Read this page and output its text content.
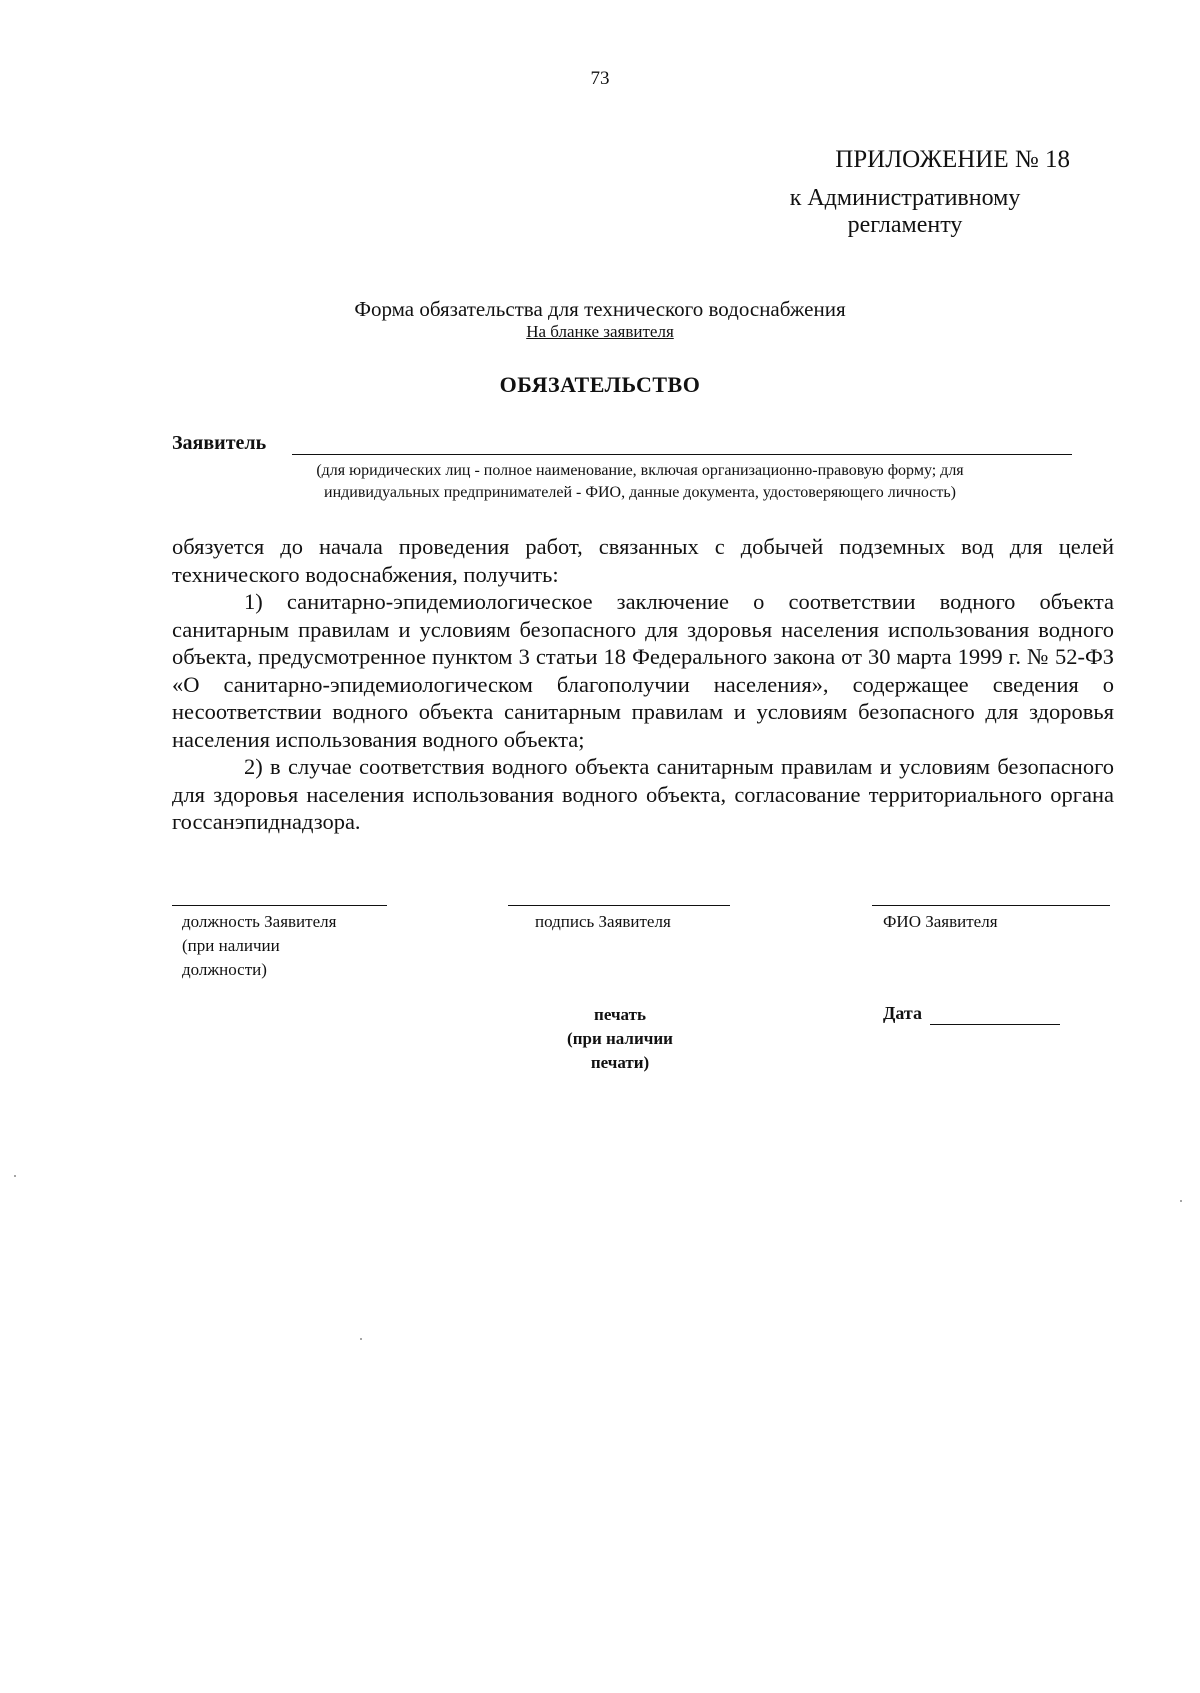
73
ПРИЛОЖЕНИЕ № 18
к Административному
регламенту
Форма обязательства для технического водоснабжения
На бланке заявителя
ОБЯЗАТЕЛЬСТВО
Заявитель
(для юридических лиц - полное наименование, включая организационно-правовую форму; для
индивидуальных предпринимателей - ФИО, данные документа, удостоверяющего личность)

обязуется до начала проведения работ, связанных с добычей подземных вод для целей технического водоснабжения, получить:

1) санитарно-эпидемиологическое заключение о соответствии водного объекта санитарным правилам и условиям безопасного для здоровья населения использования водного объекта, предусмотренное пунктом 3 статьи 18 Федерального закона от 30 марта 1999 г. № 52-ФЗ «О санитарно-эпидемиологическом благополучии населения», содержащее сведения о несоответствии водного объекта санитарным правилам и условиям безопасного для здоровья населения использования водного объекта;

2) в случае соответствия водного объекта санитарным правилам и условиям безопасного для здоровья населения использования водного объекта, согласование территориального органа госсанэпиднадзора.

должность Заявителя
(при наличии
должности)
подпись Заявителя	ФИО Заявителя
печать
(при наличии
печати)
Дата
